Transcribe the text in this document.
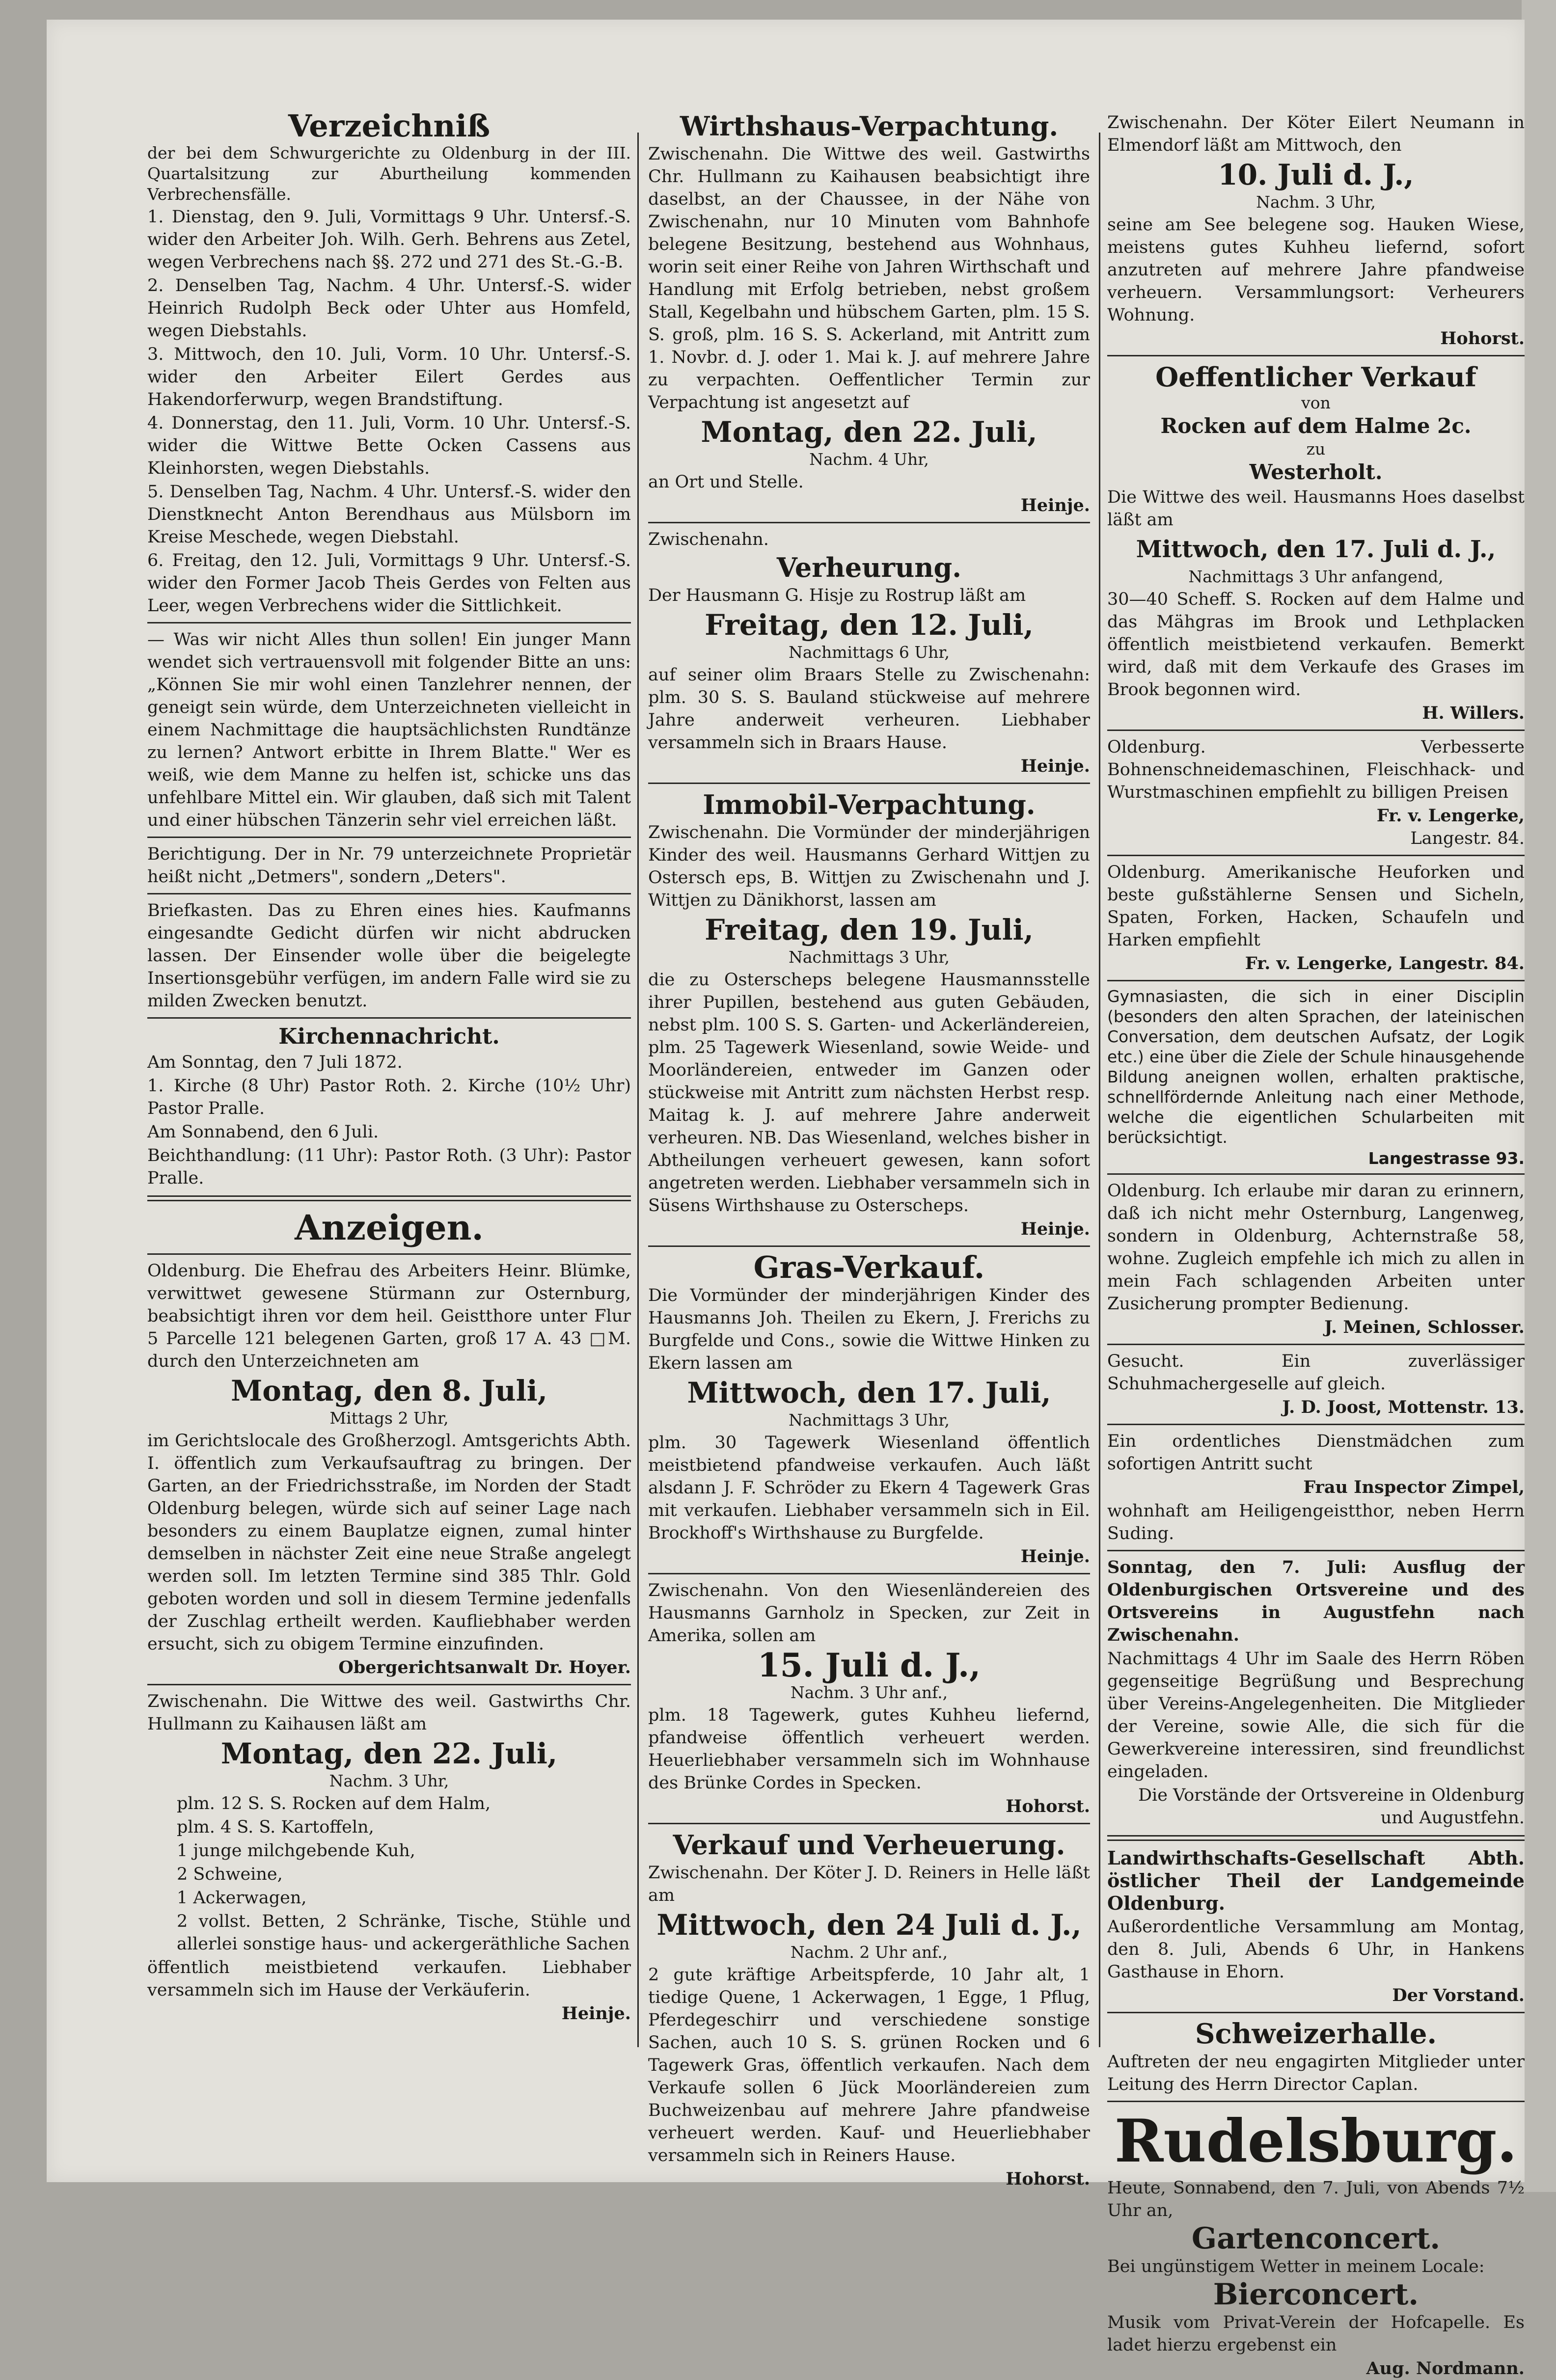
Verzeichniß
der bei dem Schwurgerichte zu Oldenburg in der III. Quartalsitzung zur Aburtheilung kommenden Verbrechensfälle.
1. Dienstag, den 9. Juli, Vormittags 9 Uhr. Untersf.-S. wider den Arbeiter Joh. Wilh. Gerh. Behrens aus Zetel, wegen Verbrechens nach §§. 272 und 271 des St.-G.-B.
2. Denselben Tag, Nachm. 4 Uhr. Untersf.-S. wider Heinrich Rudolph Beck oder Uhter aus Homfeld, wegen Diebstahls.
3. Mittwoch, den 10. Juli, Vorm. 10 Uhr. Untersf.-S. wider den Arbeiter Eilert Gerdes aus Hakendorferwurp, wegen Brandstiftung.
4. Donnerstag, den 11. Juli, Vorm. 10 Uhr. Untersf.-S. wider die Wittwe Bette Ocken Cassens aus Kleinhorsten, wegen Diebstahls.
5. Denselben Tag, Nachm. 4 Uhr. Untersf.-S. wider den Dienstknecht Anton Berendhaus aus Mülsborn im Kreise Meschede, wegen Diebstahl.
6. Freitag, den 12. Juli, Vormittags 9 Uhr. Untersf.-S. wider den Former Jacob Theis Gerdes von Felten aus Leer, wegen Verbrechens wider die Sittlichkeit.
— Was wir nicht Alles thun sollen! Ein junger Mann wendet sich vertrauensvoll mit folgender Bitte an uns: „Können Sie mir wohl einen Tanzlehrer nennen, der geneigt sein würde, dem Unterzeichneten vielleicht in einem Nachmittage die hauptsächlichsten Rundtänze zu lernen? Antwort erbitte in Ihrem Blatte." Wer es weiß, wie dem Manne zu helfen ist, schicke uns das unfehlbare Mittel ein. Wir glauben, daß sich mit Talent und einer hübschen Tänzerin sehr viel erreichen läßt.
Berichtigung. Der in Nr. 79 unterzeichnete Proprietär heißt nicht „Detmers", sondern „Deters".
Briefkasten. Das zu Ehren eines hies. Kaufmanns eingesandte Gedicht dürfen wir nicht abdrucken lassen. Der Einsender wolle über die beigelegte Insertionsgebühr verfügen, im andern Falle wird sie zu milden Zwecken benutzt.
Kirchennachricht.
Am Sonntag, den 7 Juli 1872.
1. Kirche (8 Uhr) Pastor Roth. 2. Kirche (10½ Uhr) Pastor Pralle.
Am Sonnabend, den 6 Juli.
Beichthandlung: (11 Uhr): Pastor Roth. (3 Uhr): Pastor Pralle.
Anzeigen.
Oldenburg. Die Ehefrau des Arbeiters Heinr. Blümke, verwittwet gewesene Stürmann zur Osternburg, beabsichtigt ihren vor dem heil. Geistthore unter Flur 5 Parcelle 121 belegenen Garten, groß 17 A. 43 □M. durch den Unterzeichneten am
Montag, den 8. Juli,
Mittags 2 Uhr,
im Gerichtslocale des Großherzogl. Amtsgerichts Abth. I. öffentlich zum Verkaufsauftrag zu bringen. Der Garten, an der Friedrichsstraße, im Norden der Stadt Oldenburg belegen, würde sich auf seiner Lage nach besonders zu einem Bauplatze eignen, zumal hinter demselben in nächster Zeit eine neue Straße angelegt werden soll. Im letzten Termine sind 385 Thlr. Gold geboten worden und soll in diesem Termine jedenfalls der Zuschlag ertheilt werden. Kaufliebhaber werden ersucht, sich zu obigem Termine einzufinden.
Obergerichtsanwalt Dr. Hoyer.
Zwischenahn. Die Wittwe des weil. Gastwirths Chr. Hullmann zu Kaihausen läßt am
Montag, den 22. Juli,
Nachm. 3 Uhr,
plm. 12 S. S. Rocken auf dem Halm,
plm. 4 S. S. Kartoffeln,
1 junge milchgebende Kuh,
2 Schweine,
1 Ackerwagen,
2 vollst. Betten, 2 Schränke, Tische, Stühle und allerlei sonstige haus- und ackergeräthliche Sachen
öffentlich meistbietend verkaufen. Liebhaber versammeln sich im Hause der Verkäuferin.
Heinje.
Wirthshaus-Verpachtung.
Zwischenahn. Die Wittwe des weil. Gastwirths Chr. Hullmann zu Kaihausen beabsichtigt ihre daselbst, an der Chaussee, in der Nähe von Zwischenahn, nur 10 Minuten vom Bahnhofe belegene Besitzung, bestehend aus Wohnhaus, worin seit einer Reihe von Jahren Wirthschaft und Handlung mit Erfolg betrieben, nebst großem Stall, Kegelbahn und hübschem Garten, plm. 15 S. S. groß, plm. 16 S. S. Ackerland, mit Antritt zum 1. Novbr. d. J. oder 1. Mai k. J. auf mehrere Jahre zu verpachten. Oeffentlicher Termin zur Verpachtung ist angesetzt auf
Montag, den 22. Juli,
Nachm. 4 Uhr,
an Ort und Stelle.
Heinje.
Zwischenahn.
Verheurung.
Der Hausmann G. Hisje zu Rostrup läßt am
Freitag, den 12. Juli,
Nachmittags 6 Uhr,
auf seiner olim Braars Stelle zu Zwischenahn: plm. 30 S. S. Bauland stückweise auf mehrere Jahre anderweit verheuren. Liebhaber versammeln sich in Braars Hause.
Heinje.
Immobil-Verpachtung.
Zwischenahn. Die Vormünder der minderjährigen Kinder des weil. Hausmanns Gerhard Wittjen zu Ostersch eps, B. Wittjen zu Zwischenahn und J. Wittjen zu Dänikhorst, lassen am
Freitag, den 19. Juli,
Nachmittags 3 Uhr,
die zu Osterscheps belegene Hausmannsstelle ihrer Pupillen, bestehend aus guten Gebäuden, nebst plm. 100 S. S. Garten- und Ackerländereien, plm. 25 Tagewerk Wiesenland, sowie Weide- und Moorländereien, entweder im Ganzen oder stückweise mit Antritt zum nächsten Herbst resp. Maitag k. J. auf mehrere Jahre anderweit verheuren. NB. Das Wiesenland, welches bisher in Abtheilungen verheuert gewesen, kann sofort angetreten werden. Liebhaber versammeln sich in Süsens Wirthshause zu Osterscheps.
Heinje.
Gras-Verkauf.
Die Vormünder der minderjährigen Kinder des Hausmanns Joh. Theilen zu Ekern, J. Frerichs zu Burgfelde und Cons., sowie die Wittwe Hinken zu Ekern lassen am
Mittwoch, den 17. Juli,
Nachmittags 3 Uhr,
plm. 30 Tagewerk Wiesenland öffentlich meistbietend pfandweise verkaufen. Auch läßt alsdann J. F. Schröder zu Ekern 4 Tagewerk Gras mit verkaufen. Liebhaber versammeln sich in Eil. Brockhoff's Wirthshause zu Burgfelde.
Heinje.
Zwischenahn. Von den Wiesenländereien des Hausmanns Garnholz in Specken, zur Zeit in Amerika, sollen am
15. Juli d. J.,
Nachm. 3 Uhr anf.,
plm. 18 Tagewerk, gutes Kuhheu liefernd, pfandweise öffentlich verheuert werden. Heuerliebhaber versammeln sich im Wohnhause des Brünke Cordes in Specken.
Hohorst.
Verkauf und Verheuerung.
Zwischenahn. Der Köter J. D. Reiners in Helle läßt am
Mittwoch, den 24 Juli d. J.,
Nachm. 2 Uhr anf.,
2 gute kräftige Arbeitspferde, 10 Jahr alt, 1 tiedige Quene, 1 Ackerwagen, 1 Egge, 1 Pflug, Pferdegeschirr und verschiedene sonstige Sachen, auch 10 S. S. grünen Rocken und 6 Tagewerk Gras, öffentlich verkaufen. Nach dem Verkaufe sollen 6 Jück Moorländereien zum Buchweizenbau auf mehrere Jahre pfandweise verheuert werden. Kauf- und Heuerliebhaber versammeln sich in Reiners Hause.
Hohorst.
Zwischenahn. Der Köter Eilert Neumann in Elmendorf läßt am Mittwoch, den
10. Juli d. J.,
Nachm. 3 Uhr,
seine am See belegene sog. Hauken Wiese, meistens gutes Kuhheu liefernd, sofort anzutreten auf mehrere Jahre pfandweise verheuern. Versammlungsort: Verheurers Wohnung.
Hohorst.
Oeffentlicher Verkauf
von
Rocken auf dem Halme 2c.
zu
Westerholt.
Die Wittwe des weil. Hausmanns Hoes daselbst läßt am
Mittwoch, den 17. Juli d. J.,
Nachmittags 3 Uhr anfangend,
30—40 Scheff. S. Rocken auf dem Halme und das Mähgras im Brook und Lethplacken öffentlich meistbietend verkaufen. Bemerkt wird, daß mit dem Verkaufe des Grases im Brook begonnen wird.
H. Willers.
Oldenburg. Verbesserte Bohnenschneidemaschinen, Fleischhack- und Wurstmaschinen empfiehlt zu billigen Preisen
Fr. v. Lengerke,
Langestr. 84.
Oldenburg. Amerikanische Heuforken und beste gußstählerne Sensen und Sicheln, Spaten, Forken, Hacken, Schaufeln und Harken empfiehlt
Fr. v. Lengerke, Langestr. 84.
Gymnasiasten, die sich in einer Disciplin (besonders den alten Sprachen, der lateinischen Conversation, dem deutschen Aufsatz, der Logik etc.) eine über die Ziele der Schule hinausgehende Bildung aneignen wollen, erhalten praktische, schnellfördernde Anleitung nach einer Methode, welche die eigentlichen Schularbeiten mit berücksichtigt.
Langestrasse 93.
Oldenburg. Ich erlaube mir daran zu erinnern, daß ich nicht mehr Osternburg, Langenweg, sondern in Oldenburg, Achternstraße 58, wohne. Zugleich empfehle ich mich zu allen in mein Fach schlagenden Arbeiten unter Zusicherung prompter Bedienung.
J. Meinen, Schlosser.
Gesucht. Ein zuverlässiger Schuhmachergeselle auf gleich.
J. D. Joost, Mottenstr. 13.
Ein ordentliches Dienstmädchen zum sofortigen Antritt sucht
Frau Inspector Zimpel,
wohnhaft am Heiligengeistthor, neben Herrn Suding.
Sonntag, den 7. Juli: Ausflug der Oldenburgischen Ortsvereine und des Ortsvereins in Augustfehn nach Zwischenahn.
Nachmittags 4 Uhr im Saale des Herrn Röben gegenseitige Begrüßung und Besprechung über Vereins-Angelegenheiten. Die Mitglieder der Vereine, sowie Alle, die sich für die Gewerkvereine interessiren, sind freundlichst eingeladen.
Die Vorstände der Ortsvereine in Oldenburg und Augustfehn.
Landwirthschafts-Gesellschaft Abth. östlicher Theil der Landgemeinde Oldenburg.
Außerordentliche Versammlung am Montag, den 8. Juli, Abends 6 Uhr, in Hankens Gasthause in Ehorn.
Der Vorstand.
Schweizerhalle.
Auftreten der neu engagirten Mitglieder unter Leitung des Herrn Director Caplan.
Rudelsburg.
Heute, Sonnabend, den 7. Juli, von Abends 7½ Uhr an,
Gartenconcert.
Bei ungünstigem Wetter in meinem Locale:
Bierconcert.
Musik vom Privat-Verein der Hofcapelle. Es ladet hierzu ergebenst ein
Aug. Nordmann.
